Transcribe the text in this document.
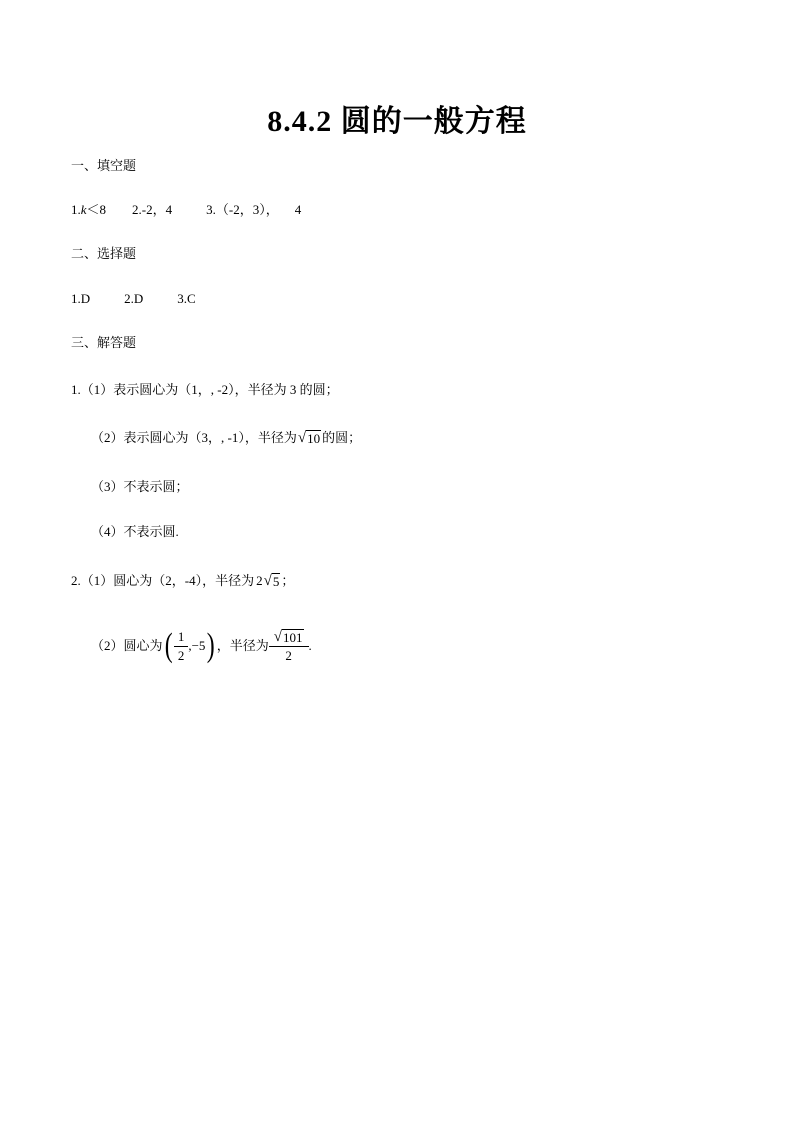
8.4.2 圆的一般方程
一、填空题
1. k ＜8 2.-2，4	3.（-2，3）， 4
二、选择题
1.D	2.D	3.C
三、解答题
1.（1）表示圆心为（1，, -2），半径为 3 的圆；
（2）表示圆心为（3，, -1），半径为 √ 10 的圆；
（3）不表示圆；
（4）不表示圆.
2.（1）圆心为（2，-4），半径为 2 √ 5 ；
（2）圆心为 ( $\frac{1}{2} ,-5$ ) ，半径为 $\frac{√ 101}{2}$ .
